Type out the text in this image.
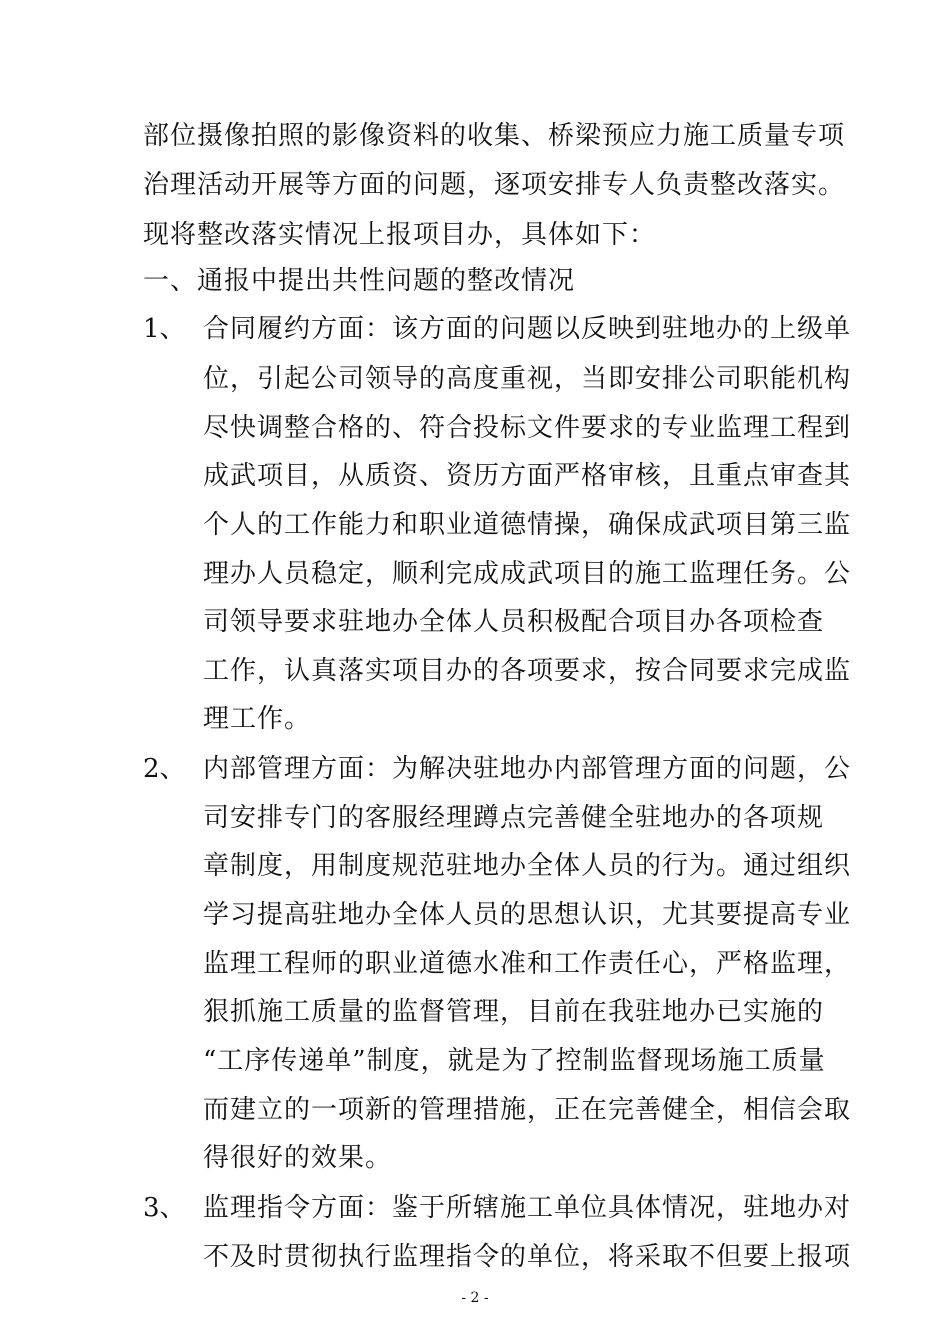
部位摄像拍照的影像资料的收集、桥梁预应力施工质量专项
治理活动开展等方面的问题，逐项安排专人负责整改落实。
现将整改落实情况上报项目办，具体如下：
一、通报中提出共性问题的整改情况
1、 合同履约方面：该方面的问题以反映到驻地办的上级单
位，引起公司领导的高度重视，当即安排公司职能机构
尽快调整合格的、符合投标文件要求的专业监理工程到
成武项目，从质资、资历方面严格审核，且重点审查其
个人的工作能力和职业道德情操，确保成武项目第三监
理办人员稳定，顺利完成成武项目的施工监理任务。公
司领导要求驻地办全体人员积极配合项目办各项检查
工作，认真落实项目办的各项要求，按合同要求完成监
理工作。
2、 内部管理方面：为解决驻地办内部管理方面的问题，公
司安排专门的客服经理蹲点完善健全驻地办的各项规
章制度，用制度规范驻地办全体人员的行为。通过组织
学习提高驻地办全体人员的思想认识，尤其要提高专业
监理工程师的职业道德水准和工作责任心，严格监理，
狠抓施工质量的监督管理，目前在我驻地办已实施的
“工序传递单”制度，就是为了控制监督现场施工质量
而建立的一项新的管理措施，正在完善健全，相信会取
得很好的效果。
3、 监理指令方面：鉴于所辖施工单位具体情况，驻地办对
不及时贯彻执行监理指令的单位，将采取不但要上报项
- 2 -
